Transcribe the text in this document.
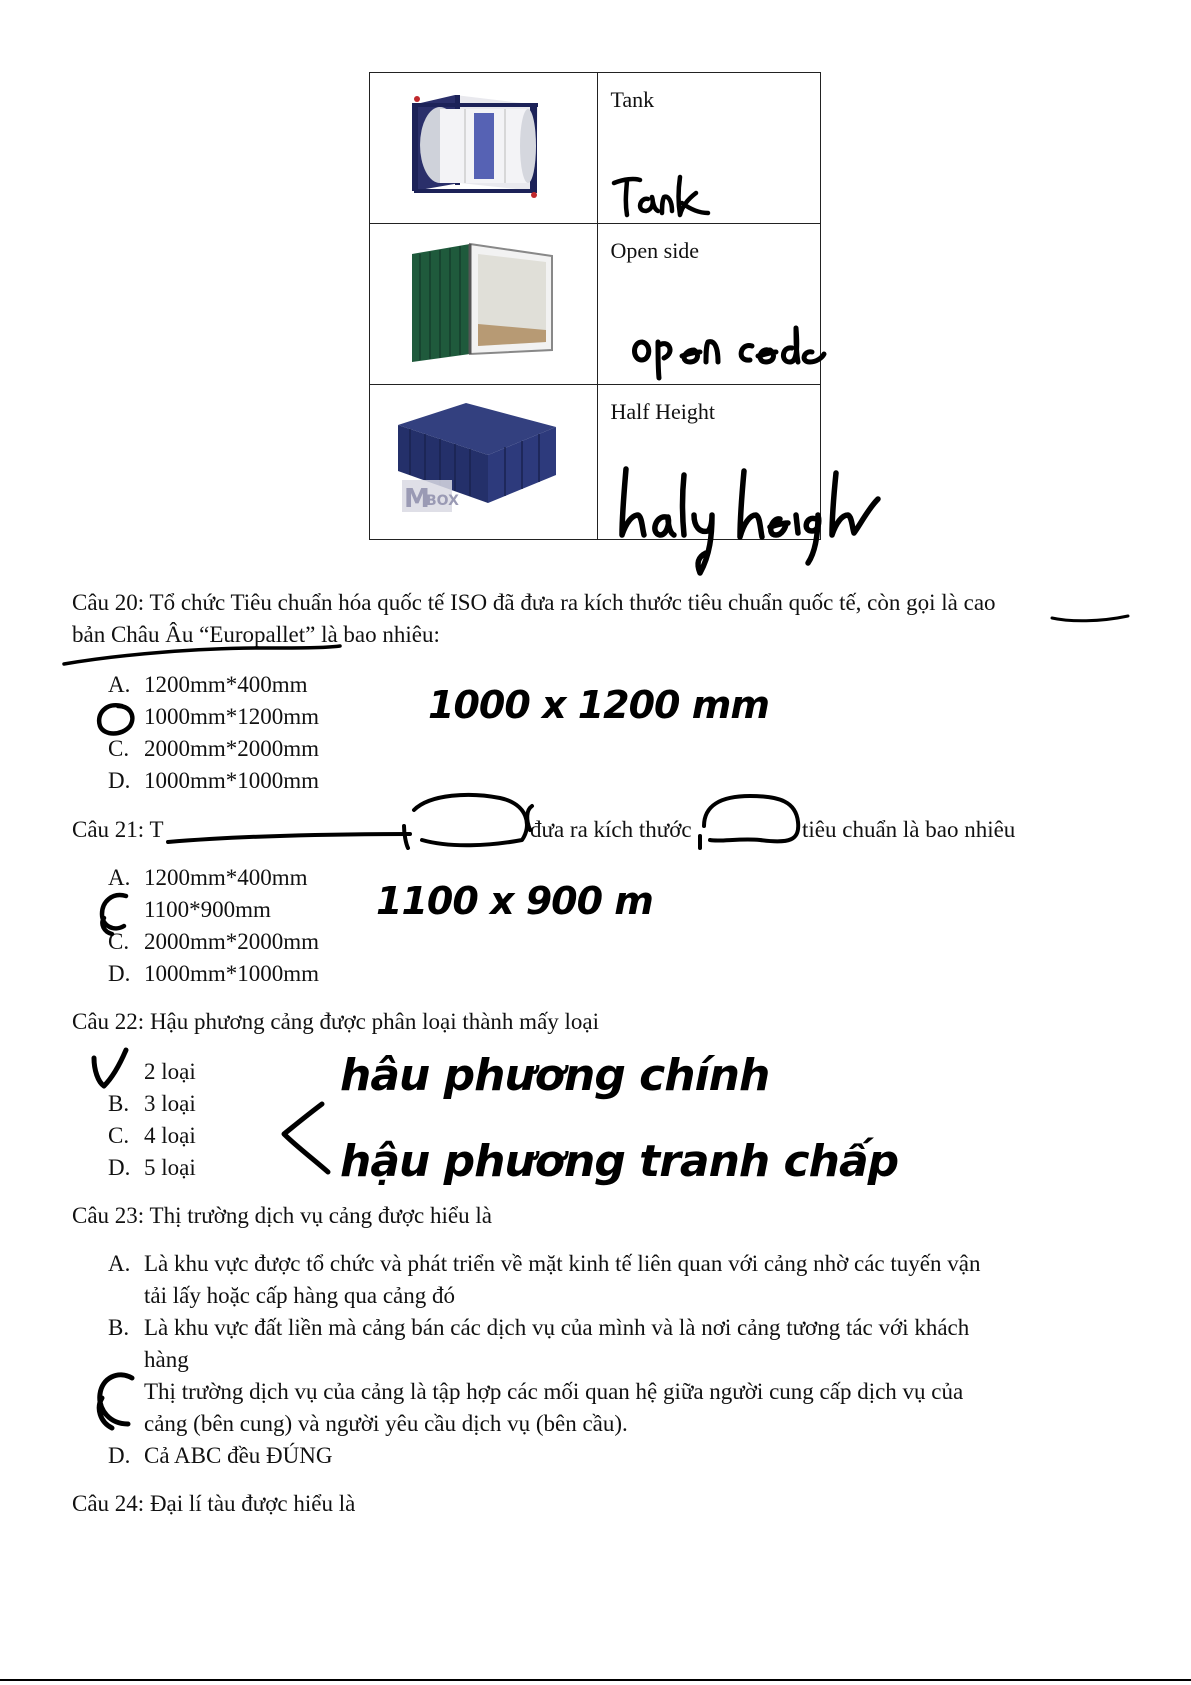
Tank

Open side

M
BOX	Half Height
Câu 20: Tổ chức Tiêu chuẩn hóa quốc tế ISO đã đưa ra kích thước tiêu chuẩn quốc tế, còn gọi là cao
bản Châu Âu “Europallet” là bao nhiêu:
A. 1200mm*400mm
1000mm*1200mm
C. 2000mm*2000mm
D. 1000mm*1000mm
1000 x 1200 mm
Câu 21: T	đưa ra kích thước	tiêu chuẩn là bao nhiêu
A. 1200mm*400mm
1100*900mm
C. 2000mm*2000mm
D. 1000mm*1000mm
1100 x 900 m
Câu 22: Hậu phương cảng được phân loại thành mấy loại
2 loại
B. 3 loại
C. 4 loại
D. 5 loại
hâu phương chính
hậu phương tranh chấp
Câu 23: Thị trường dịch vụ cảng được hiểu là
A. Là khu vực được tổ chức và phát triển về mặt kinh tế liên quan với cảng nhờ các tuyến vận
tải lấy hoặc cấp hàng qua cảng đó
B. Là khu vực đất liền mà cảng bán các dịch vụ của mình và là nơi cảng tương tác với khách
hàng
Thị trường dịch vụ của cảng là tập hợp các mối quan hệ giữa người cung cấp dịch vụ của
cảng (bên cung) và người yêu cầu dịch vụ (bên cầu).
D. Cả ABC đều ĐÚNG
Câu 24: Đại lí tàu được hiểu là
